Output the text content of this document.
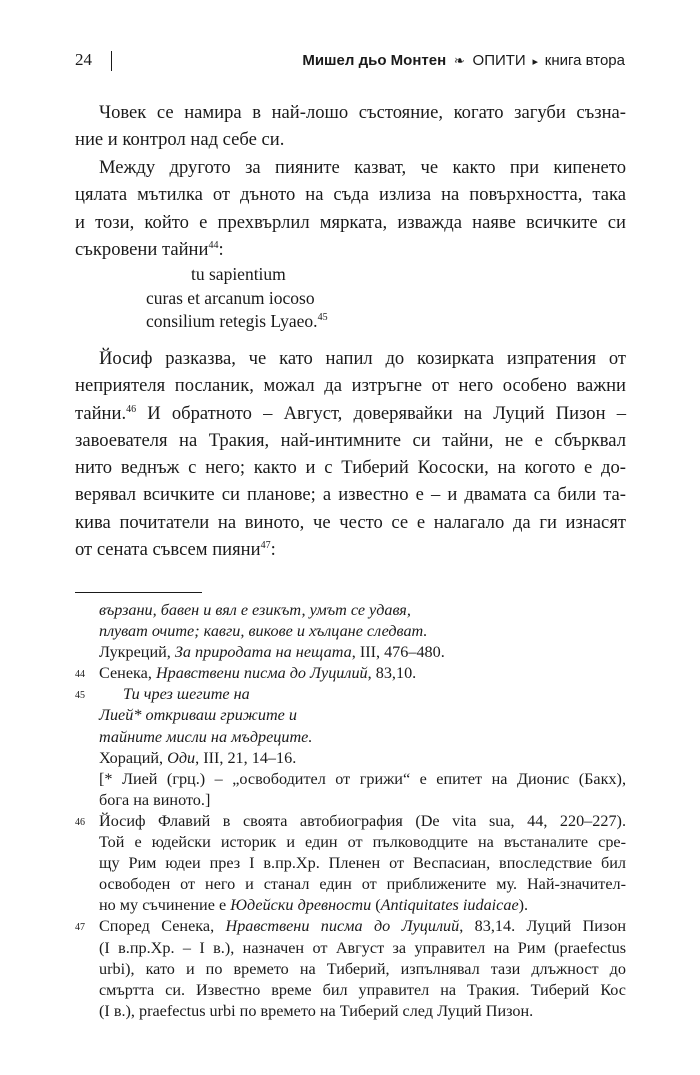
24	Мишел дьо Монтен ❧ ОПИТИ ▸ книга втора
Човек се намира в най-лошо състояние, когато загуби съзна-
ние и контрол над себе си.
Между другото за пияните казват, че както при кипенето
цялата мътилка от дъното на съда излиза на повърхността, така
и този, който е прехвърлил мярката, изважда наяве всичките си
съкровени тайни$^{44}$:
tu sapientium
curas et arcanum iocoso
consilium retegis Lyaeo.$^{45}$
Йосиф разказва, че като напил до козирката изпратения от
неприятеля посланик, можал да изтръгне от него особено важни
тайни.$^{46}$ И обратното – Август, доверявайки на Луций Пизон –
завоевателя на Тракия, най-интимните си тайни, не е сбърквал
нито веднъж с него; както и с Тиберий Кососки, на когото е до-
верявал всичките си планове; а известно е – и двамата са били та-
кива почитатели на виното, че често се е налагало да ги изнасят
от сената съвсем пияни$^{47}$:
вързани, бавен и вял е езикът, умът се удавя,
плуват очите; кавги, викове и хълцане следват.
Лукреций, За природата на нещата, III, 476–480.
44 Сенека, Нравствени писма до Луцилий, 83,10.
45 Ти чрез шегите на
Лией* откриваш грижите и
тайните мисли на мъдреците.
Хораций, Оди, III, 21, 14–16.
[* Лией (грц.) – „освободител от грижи“ е епитет на Дионис (Бакх),
бога на виното.]
46 Йосиф Флавий в своята автобиография (De vita sua, 44, 220–227).
Той е юдейски историк и един от пълководците на въстаналите сре-
щу Рим юдеи през I в.пр.Хр. Пленен от Веспасиан, впоследствие бил
освободен от него и станал един от приближените му. Най-значител-
но му съчинение е Юдейски древности (Antiquitates iudaicae).
47 Според Сенека, Нравствени писма до Луцилий, 83,14. Луций Пизон
(I в.пр.Хр. – I в.), назначен от Август за управител на Рим (praefectus
urbi), като и по времето на Тиберий, изпълнявал тази длъжност до
смъртта си. Известно време бил управител на Тракия. Тиберий Кос
(I в.), praefectus urbi по времето на Тиберий след Луций Пизон.
